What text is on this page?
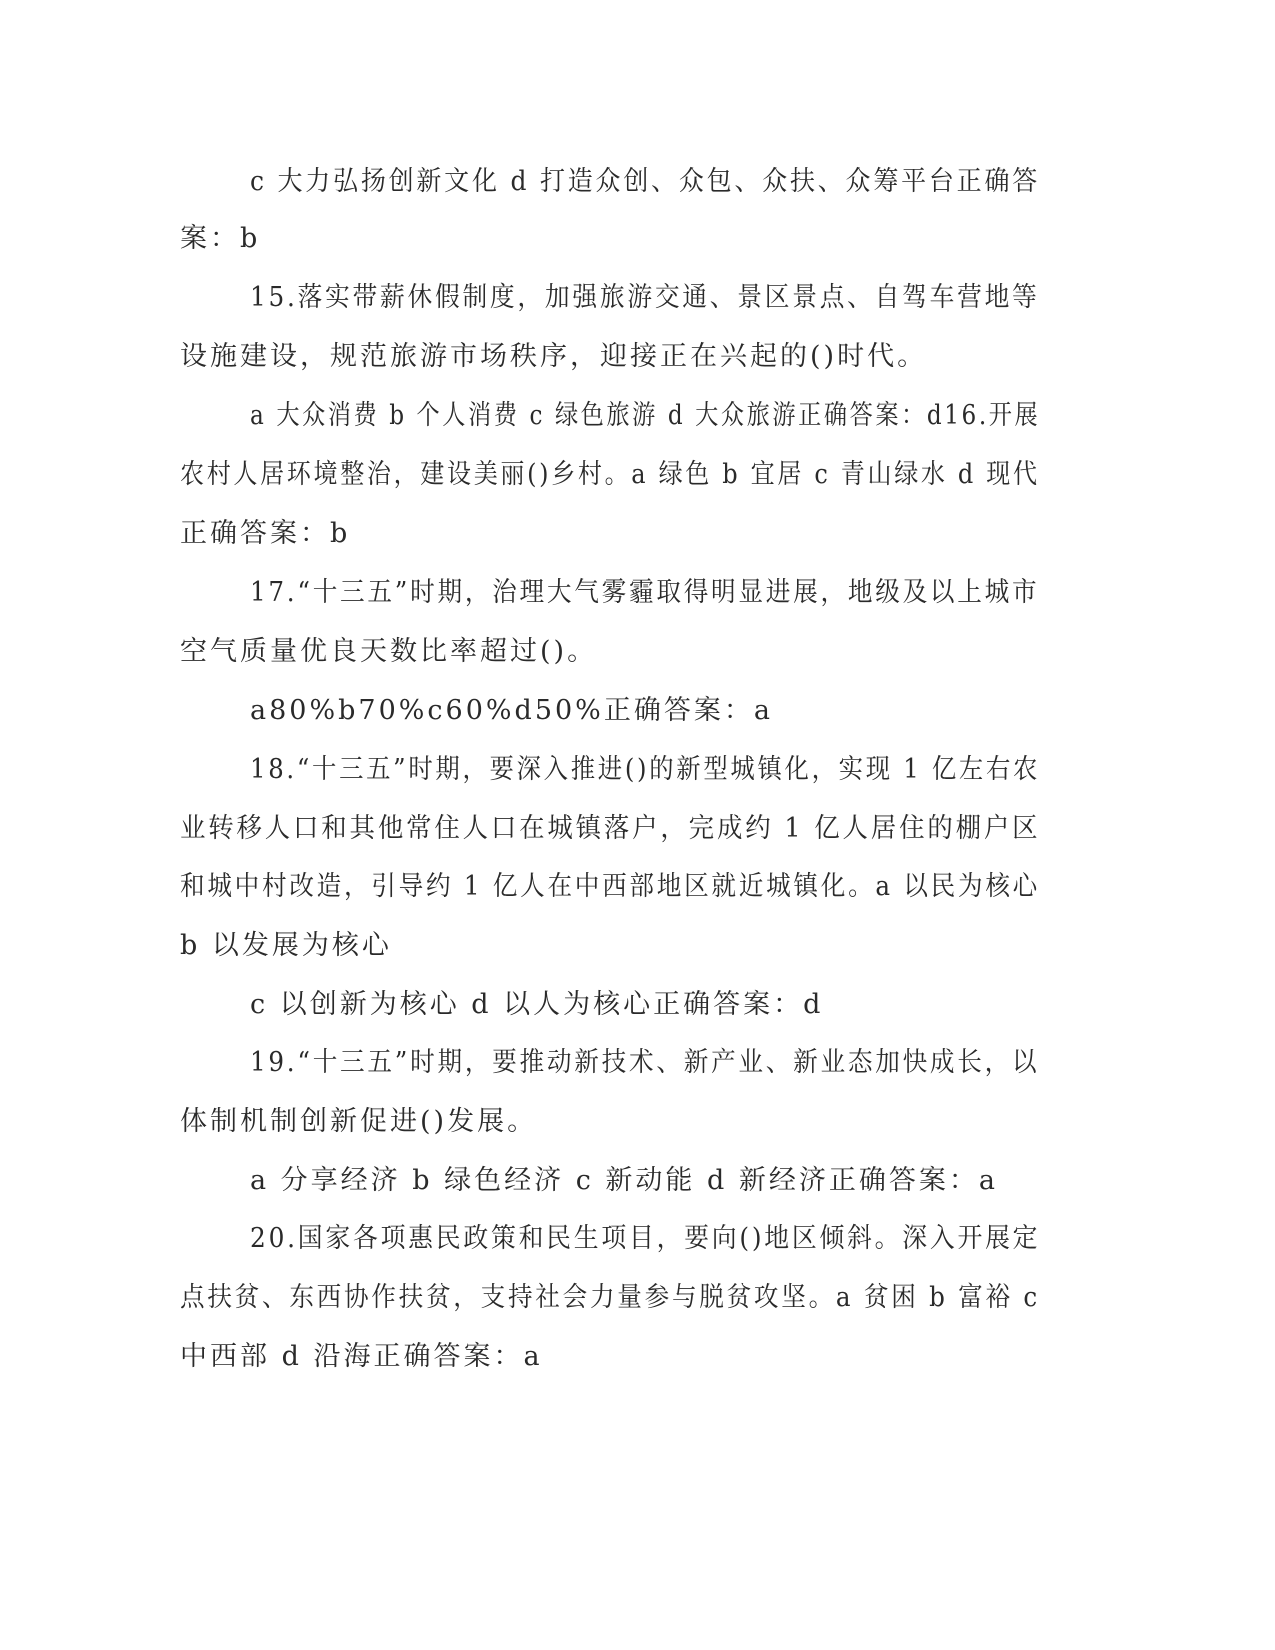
c 大力弘扬创新文化 d 打造众创、众包、众扶、众筹平台正确答
案：b
15.落实带薪休假制度，加强旅游交通、景区景点、自驾车营地等
设施建设，规范旅游市场秩序，迎接正在兴起的()时代。
a 大众消费 b 个人消费 c 绿色旅游 d 大众旅游正确答案：d16.开展
农村人居环境整治，建设美丽()乡村。a 绿色 b 宜居 c 青山绿水 d 现代
正确答案：b
17.“十三五”时期，治理大气雾霾取得明显进展，地级及以上城市
空气质量优良天数比率超过()。
a80%b70%c60%d50%正确答案：a
18.“十三五”时期，要深入推进()的新型城镇化，实现 1 亿左右农
业转移人口和其他常住人口在城镇落户，完成约 1 亿人居住的棚户区
和城中村改造，引导约 1 亿人在中西部地区就近城镇化。a 以民为核心
b 以发展为核心
c 以创新为核心 d 以人为核心正确答案：d
19.“十三五”时期，要推动新技术、新产业、新业态加快成长，以
体制机制创新促进()发展。
a 分享经济 b 绿色经济 c 新动能 d 新经济正确答案：a
20.国家各项惠民政策和民生项目，要向()地区倾斜。深入开展定
点扶贫、东西协作扶贫，支持社会力量参与脱贫攻坚。a 贫困 b 富裕 c
中西部 d 沿海正确答案：a
